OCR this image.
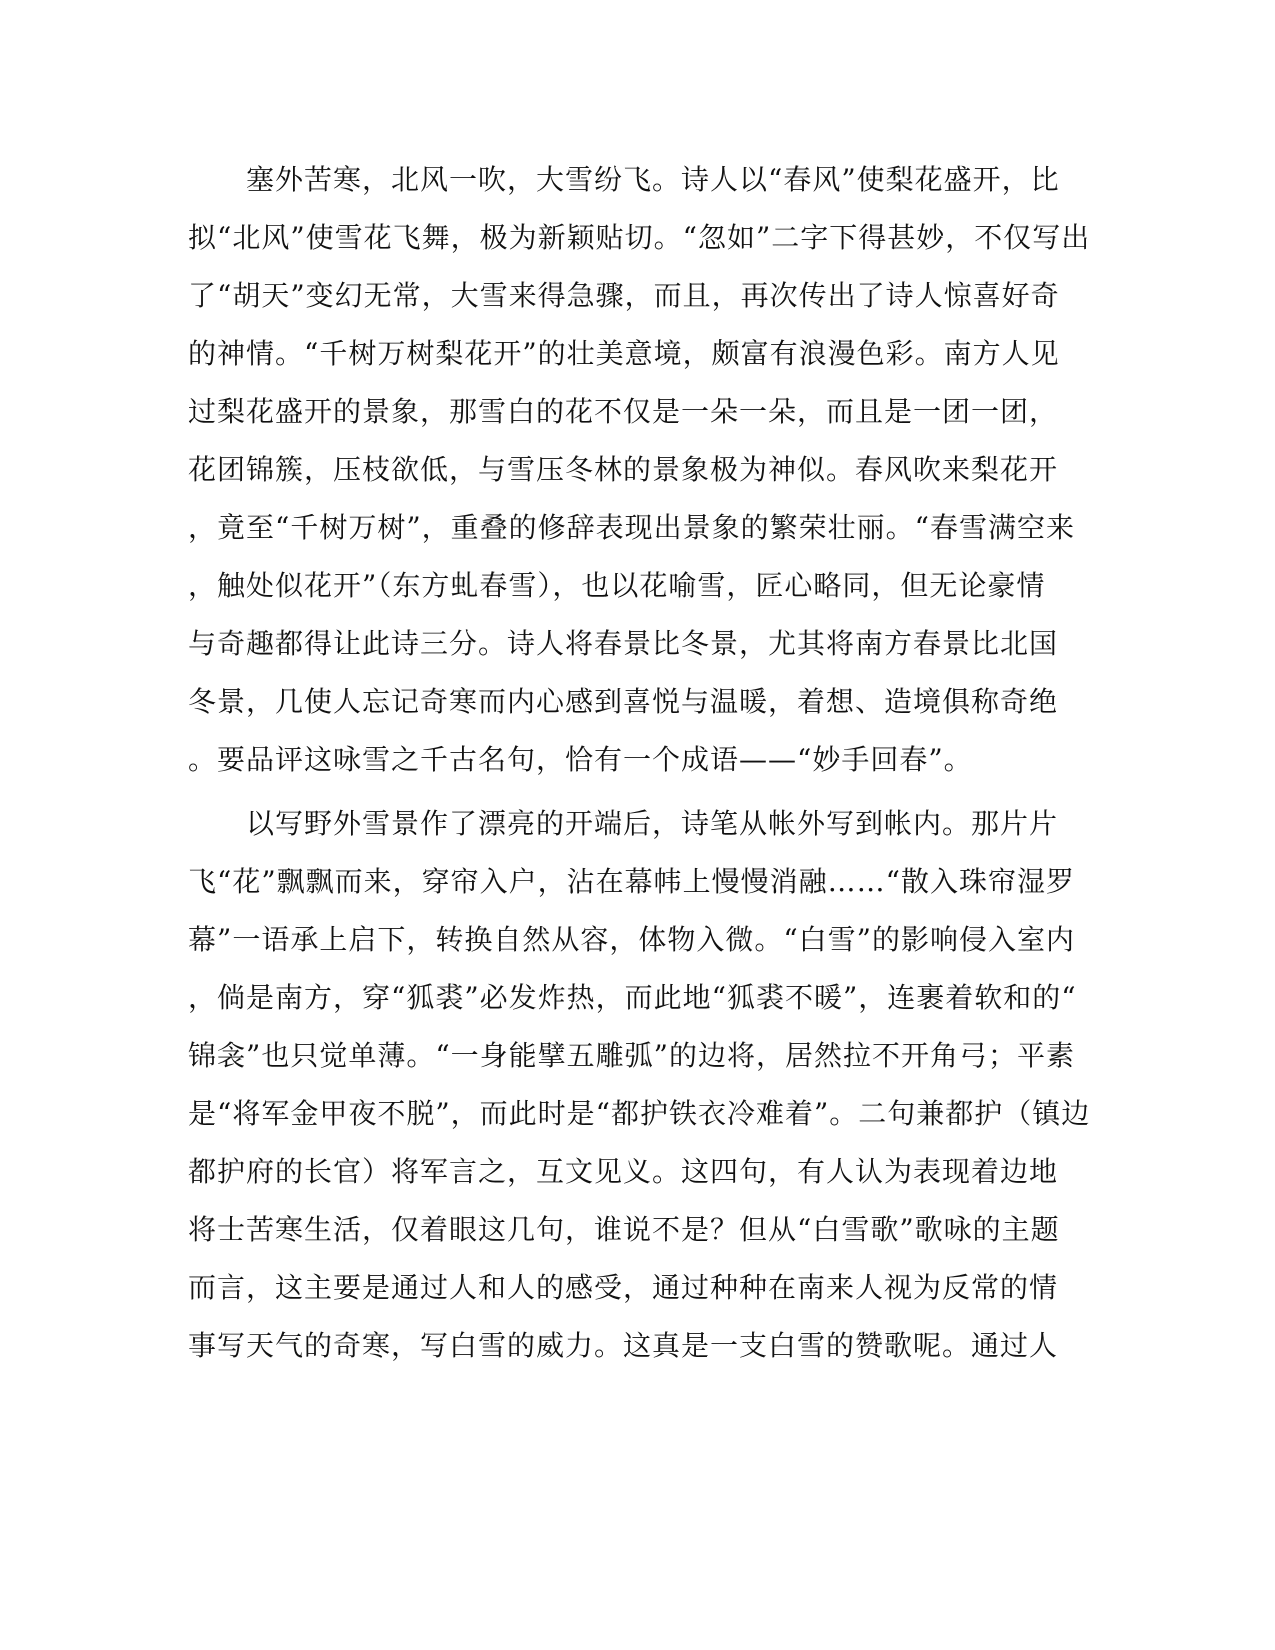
　　塞外苦寒，北风一吹，大雪纷飞。诗人以“春风”使梨花盛开，比
拟“北风”使雪花飞舞，极为新颖贴切。“忽如”二字下得甚妙，不仅写出
了“胡天”变幻无常，大雪来得急骤，而且，再次传出了诗人惊喜好奇
的神情。“千树万树梨花开”的壮美意境，颇富有浪漫色彩。南方人见
过梨花盛开的景象，那雪白的花不仅是一朵一朵，而且是一团一团，
花团锦簇，压枝欲低，与雪压冬林的景象极为神似。春风吹来梨花开
，竟至“千树万树”，重叠的修辞表现出景象的繁荣壮丽。“春雪满空来
，触处似花开”（东方虬春雪），也以花喻雪，匠心略同，但无论豪情
与奇趣都得让此诗三分。诗人将春景比冬景，尤其将南方春景比北国
冬景，几使人忘记奇寒而内心感到喜悦与温暖，着想、造境俱称奇绝
。要品评这咏雪之千古名句，恰有一个成语——“妙手回春”。
　　以写野外雪景作了漂亮的开端后，诗笔从帐外写到帐内。那片片
飞“花”飘飘而来，穿帘入户，沾在幕帏上慢慢消融……“散入珠帘湿罗
幕”一语承上启下，转换自然从容，体物入微。“白雪”的影响侵入室内
，倘是南方，穿“狐裘”必发炸热，而此地“狐裘不暖”，连裹着软和的“
锦衾”也只觉单薄。“一身能擘五雕弧”的边将，居然拉不开角弓；平素
是“将军金甲夜不脱”，而此时是“都护铁衣冷难着”。二句兼都护（镇边
都护府的长官）将军言之，互文见义。这四句，有人认为表现着边地
将士苦寒生活，仅着眼这几句，谁说不是？但从“白雪歌”歌咏的主题
而言，这主要是通过人和人的感受，通过种种在南来人视为反常的情
事写天气的奇寒，写白雪的威力。这真是一支白雪的赞歌呢。通过人
